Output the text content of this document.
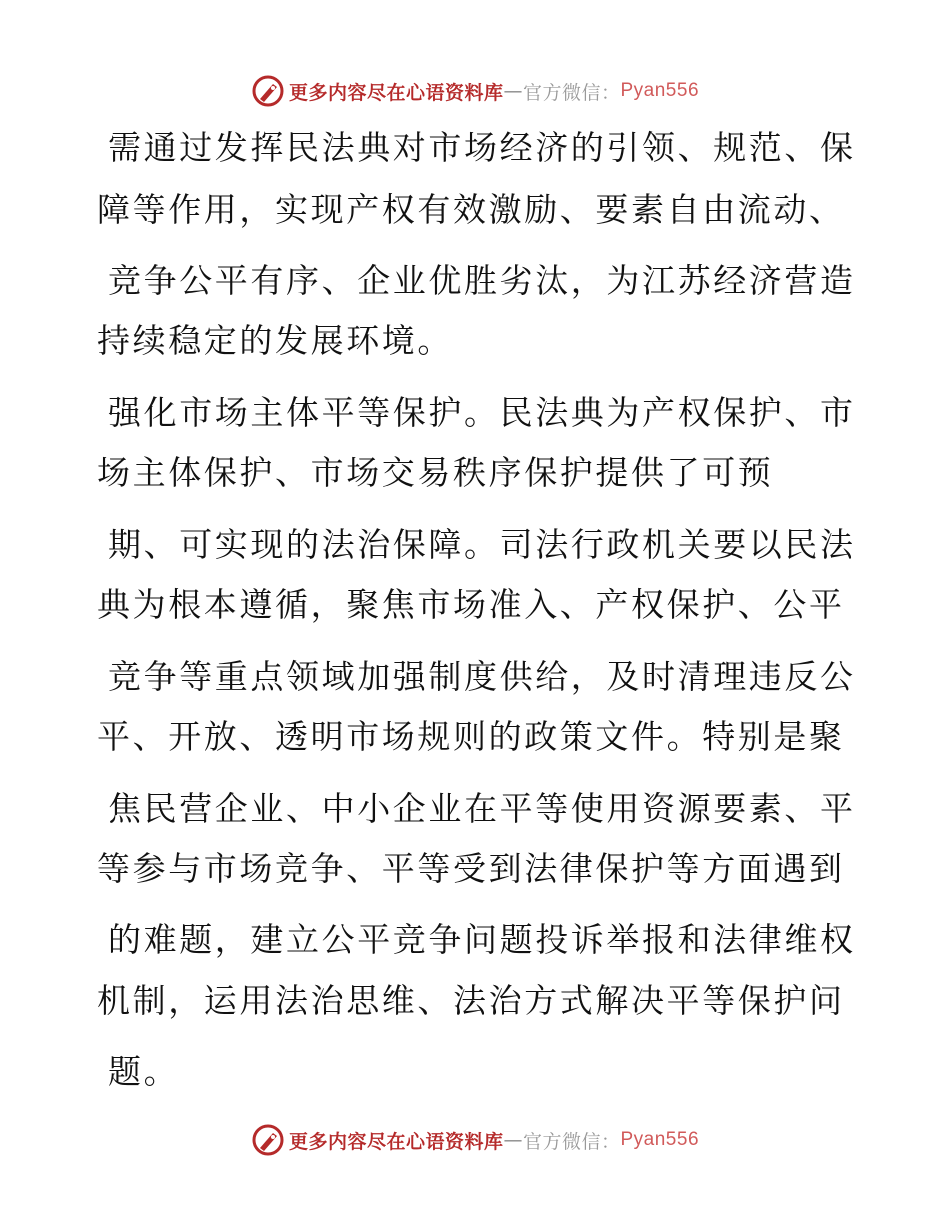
更多内容尽在心语资料库 — 官方微信： Pyan556
需通过发挥民法典对市场经济的引领、规范、保
障等作用，实现产权有效激励、要素自由流动、
竞争公平有序、企业优胜劣汰，为江苏经济营造
持续稳定的发展环境。
强化市场主体平等保护。民法典为产权保护、市
场主体保护、市场交易秩序保护提供了可预
期、可实现的法治保障。司法行政机关要以民法
典为根本遵循，聚焦市场准入、产权保护、公平
竞争等重点领域加强制度供给，及时清理违反公
平、开放、透明市场规则的政策文件。特别是聚
焦民营企业、中小企业在平等使用资源要素、平
等参与市场竞争、平等受到法律保护等方面遇到
的难题，建立公平竞争问题投诉举报和法律维权
机制，运用法治思维、法治方式解决平等保护问
题。
更多内容尽在心语资料库 — 官方微信： Pyan556
